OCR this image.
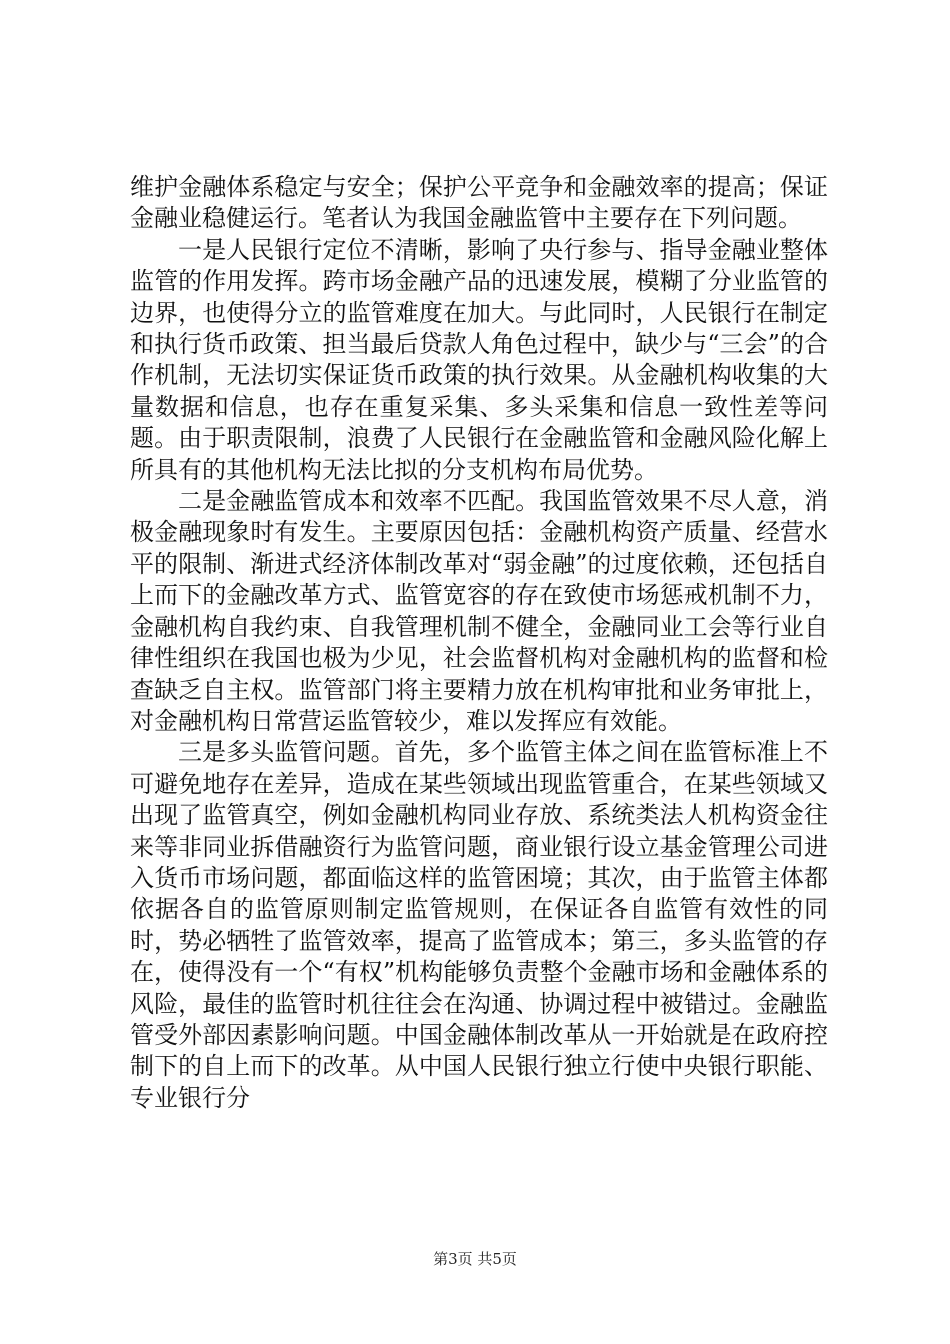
维护金融体系稳定与安全；保护公平竞争和金融效率的提高；保证金融业稳健运行。笔者认为我国金融监管中主要存在下列问题。

一是人民银行定位不清晰，影响了央行参与、指导金融业整体监管的作用发挥。跨市场金融产品的迅速发展，模糊了分业监管的边界，也使得分立的监管难度在加大。与此同时，人民银行在制定和执行货币政策、担当最后贷款人角色过程中，缺少与“三会”的合作机制，无法切实保证货币政策的执行效果。从金融机构收集的大量数据和信息，也存在重复采集、多头采集和信息一致性差等问题。由于职责限制，浪费了人民银行在金融监管和金融风险化解上所具有的其他机构无法比拟的分支机构布局优势。

二是金融监管成本和效率不匹配。我国监管效果不尽人意，消极金融现象时有发生。主要原因包括：金融机构资产质量、经营水平的限制、渐进式经济体制改革对“弱金融”的过度依赖，还包括自上而下的金融改革方式、监管宽容的存在致使市场惩戒机制不力，金融机构自我约束、自我管理机制不健全，金融同业工会等行业自律性组织在我国也极为少见，社会监督机构对金融机构的监督和检查缺乏自主权。监管部门将主要精力放在机构审批和业务审批上，对金融机构日常营运监管较少，难以发挥应有效能。

三是多头监管问题。首先，多个监管主体之间在监管标准上不可避免地存在差异，造成在某些领域出现监管重合，在某些领域又出现了监管真空，例如金融机构同业存放、系统类法人机构资金往来等非同业拆借融资行为监管问题，商业银行设立基金管理公司进入货币市场问题，都面临这样的监管困境；其次，由于监管主体都依据各自的监管原则制定监管规则，在保证各自监管有效性的同时，势必牺牲了监管效率，提高了监管成本；第三，多头监管的存在，使得没有一个“有权”机构能够负责整个金融市场和金融体系的风险，最佳的监管时机往往会在沟通、协调过程中被错过。金融监管受外部因素影响问题。中国金融体制改革从一开始就是在政府控制下的自上而下的改革。从中国人民银行独立行使中央银行职能、专业银行分

第3页 共5页
